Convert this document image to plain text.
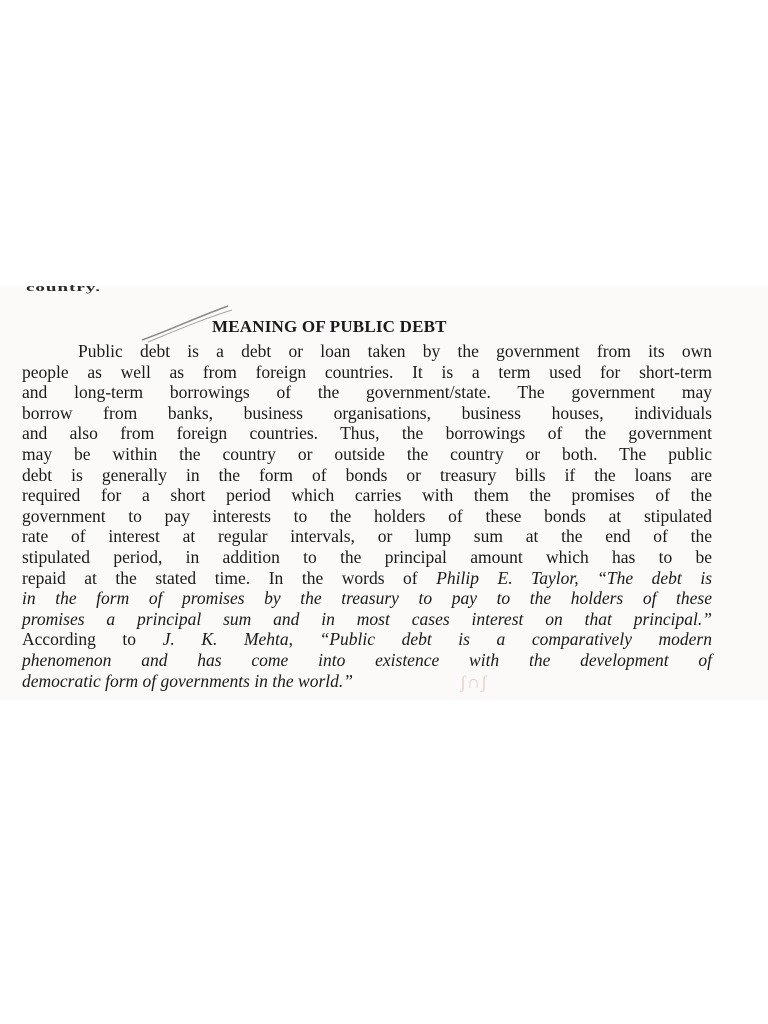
country.
MEANING OF PUBLIC DEBT
Public debt is a debt or loan taken by the government from its own
people as well as from foreign countries. It is a term used for short-term
and long-term borrowings of the government/state. The government may
borrow from banks, business organisations, business houses, individuals
and also from foreign countries. Thus, the borrowings of the government
may be within the country or outside the country or both. The public
debt is generally in the form of bonds or treasury bills if the loans are
required for a short period which carries with them the promises of the
government to pay interests to the holders of these bonds at stipulated
rate of interest at regular intervals, or lump sum at the end of the
stipulated period, in addition to the principal amount which has to be
repaid at the stated time. In the words of Philip E. Taylor, “The debt is
in the form of promises by the treasury to pay to the holders of these
promises a principal sum and in most cases interest on that principal.”
According to J. K. Mehta, “Public debt is a comparatively modern
phenomenon and has come into existence with the development of
democratic form of governments in the world.”	ʃ∩ʃ
